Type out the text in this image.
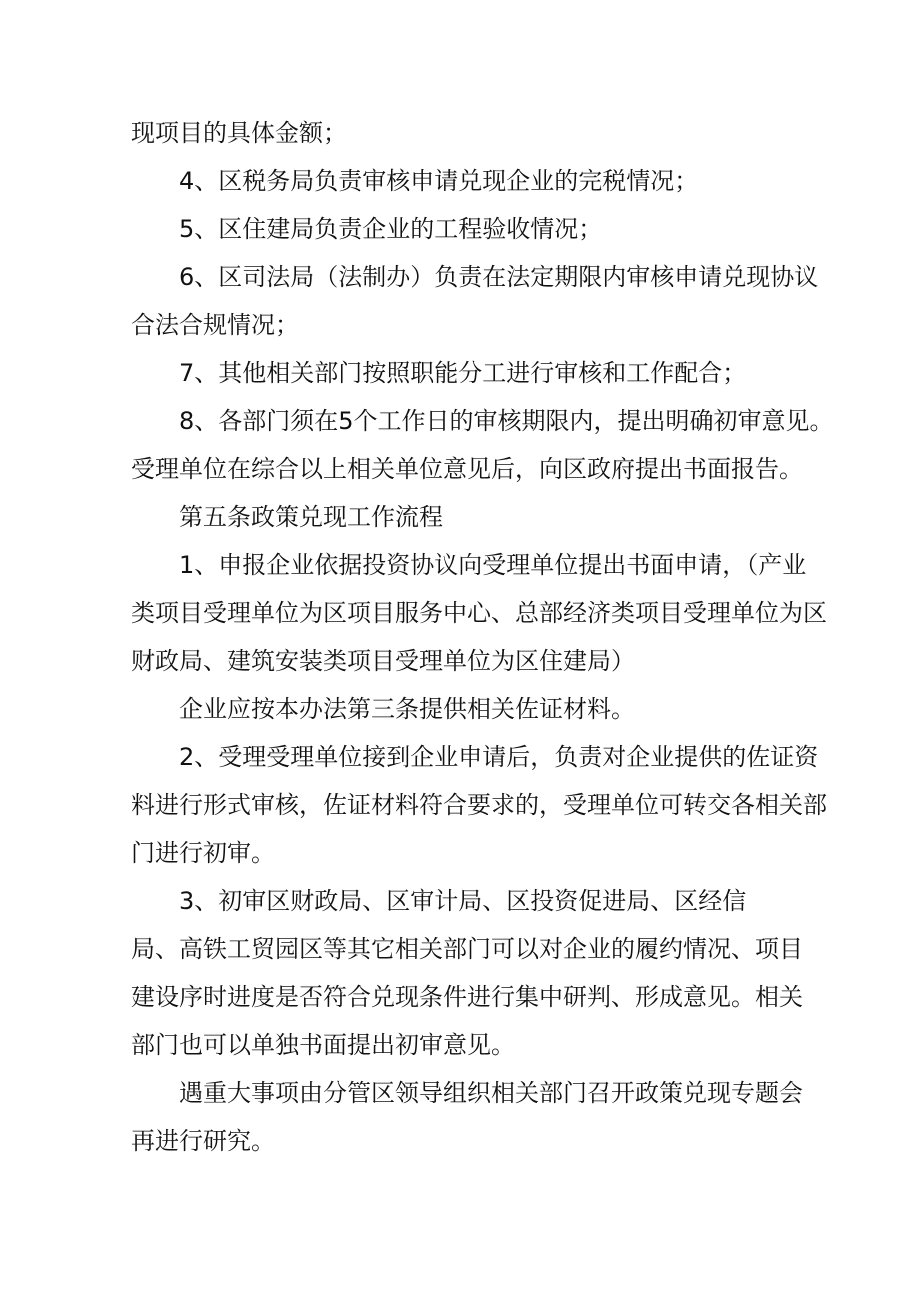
现项目的具体金额；

4、区税务局负责审核申请兑现企业的完税情况；

5、区住建局负责企业的工程验收情况；

6、区司法局（法制办）负责在法定期限内审核申请兑现协议
合法合规情况；

7、其他相关部门按照职能分工进行审核和工作配合；

8、各部门须在5个工作日的审核期限内，提出明确初审意见。
受理单位在综合以上相关单位意见后，向区政府提出书面报告。

第五条政策兑现工作流程

1、申报企业依据投资协议向受理单位提出书面申请，（产业
类项目受理单位为区项目服务中心、总部经济类项目受理单位为区
财政局、建筑安装类项目受理单位为区住建局）

企业应按本办法第三条提供相关佐证材料。

2、受理受理单位接到企业申请后，负责对企业提供的佐证资
料进行形式审核，佐证材料符合要求的，受理单位可转交各相关部
门进行初审。

3、初审区财政局、区审计局、区投资促进局、区经信
局、高铁工贸园区等其它相关部门可以对企业的履约情况、项目
建设序时进度是否符合兑现条件进行集中研判、形成意见。相关
部门也可以单独书面提出初审意见。

遇重大事项由分管区领导组织相关部门召开政策兑现专题会
再进行研究。
